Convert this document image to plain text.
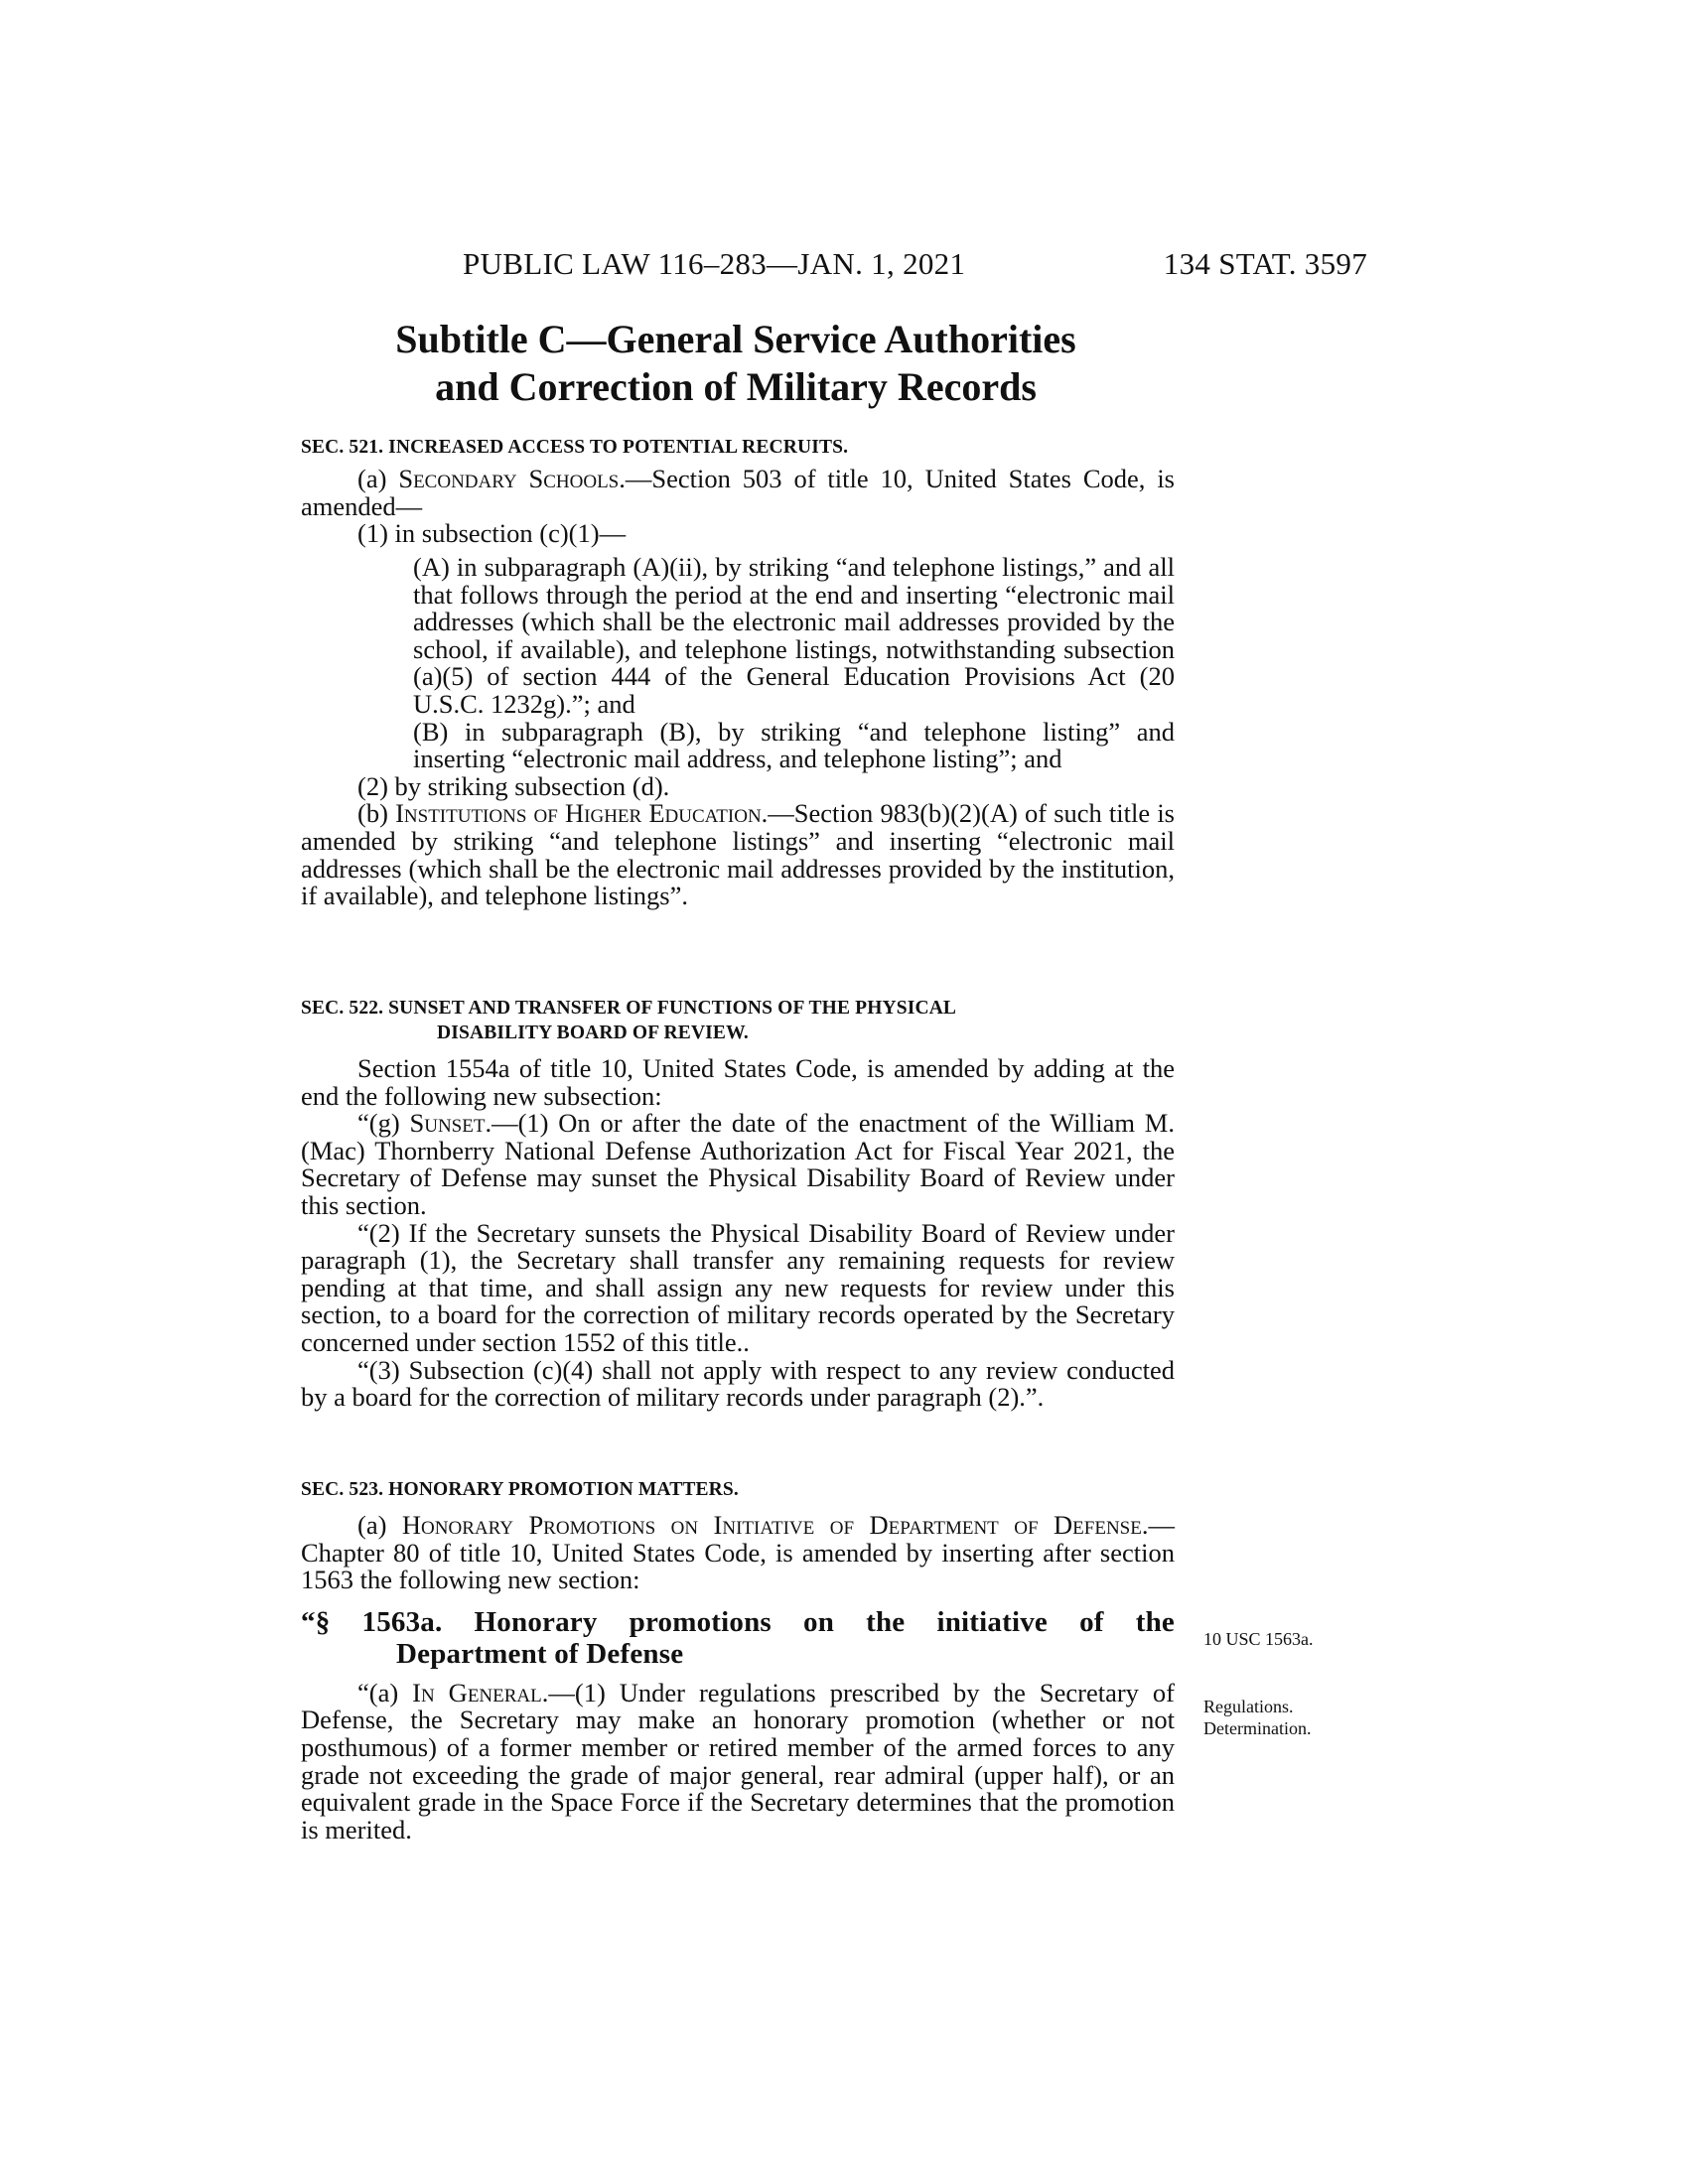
PUBLIC LAW 116–283—JAN. 1, 2021	134 STAT. 3597
Subtitle C—General Service Authorities
and Correction of Military Records
SEC. 521. INCREASED ACCESS TO POTENTIAL RECRUITS.

(a) Secondary Schools.—Section 503 of title 10, United States Code, is amended—

(1) in subsection (c)(1)—

(A) in subparagraph (A)(ii), by striking “and telephone listings,” and all that follows through the period at the end and inserting “electronic mail addresses (which shall be the electronic mail addresses provided by the school, if available), and telephone listings, notwithstanding subsection (a)(5) of section 444 of the General Education Provisions Act (20 U.S.C. 1232g).”; and

(B) in subparagraph (B), by striking “and telephone listing” and inserting “electronic mail address, and telephone listing”; and

(2) by striking subsection (d).

(b) Institutions of Higher Education.—Section 983(b)(2)(A) of such title is amended by striking “and telephone listings” and inserting “electronic mail addresses (which shall be the electronic mail addresses provided by the institution, if available), and telephone listings”.

SEC. 522. SUNSET AND TRANSFER OF FUNCTIONS OF THE PHYSICAL
DISABILITY BOARD OF REVIEW.

Section 1554a of title 10, United States Code, is amended by adding at the end the following new subsection:

“(g) Sunset.—(1) On or after the date of the enactment of the William M. (Mac) Thornberry National Defense Authorization Act for Fiscal Year 2021, the Secretary of Defense may sunset the Physical Disability Board of Review under this section.

“(2) If the Secretary sunsets the Physical Disability Board of Review under paragraph (1), the Secretary shall transfer any remaining requests for review pending at that time, and shall assign any new requests for review under this section, to a board for the correction of military records operated by the Secretary concerned under section 1552 of this title..

“(3) Subsection (c)(4) shall not apply with respect to any review conducted by a board for the correction of military records under paragraph (2).”.

SEC. 523. HONORARY PROMOTION MATTERS.

(a) Honorary Promotions on Initiative of Department of Defense.—Chapter 80 of title 10, United States Code, is amended by inserting after section 1563 the following new section:

“§ 1563a. Honorary promotions on the initiative of the
Department of Defense

“(a) In General.—(1) Under regulations prescribed by the Secretary of Defense, the Secretary may make an honorary promotion (whether or not posthumous) of a former member or retired member of the armed forces to any grade not exceeding the grade of major general, rear admiral (upper half), or an equivalent grade in the Space Force if the Secretary determines that the promotion is merited.

10 USC 1563a.
Regulations.
Determination.
